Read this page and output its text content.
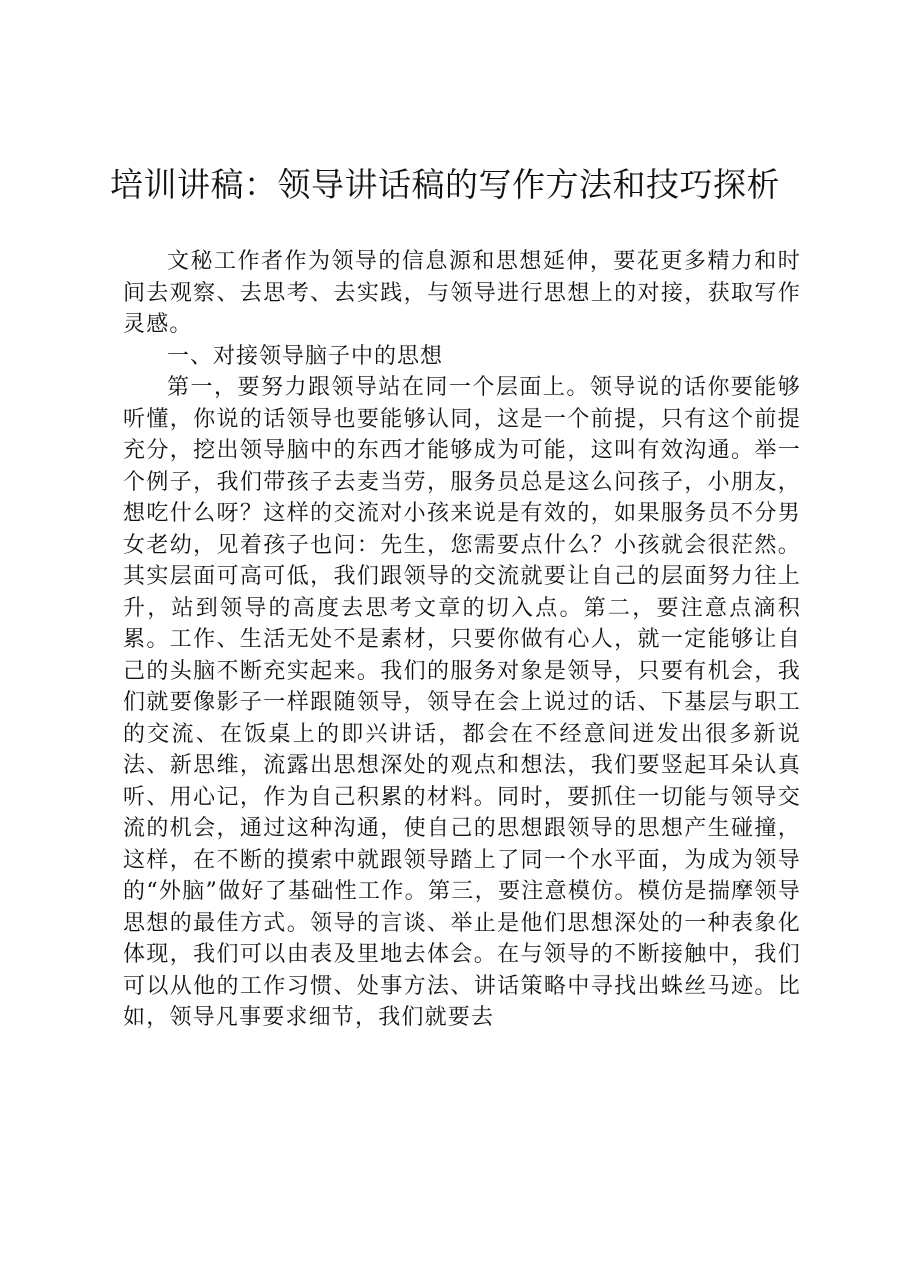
培训讲稿：领导讲话稿的写作方法和技巧探析

文秘工作者作为领导的信息源和思想延伸，要花更多精力和时间去观察、去思考、去实践，与领导进行思想上的对接，获取写作灵感。

一、对接领导脑子中的思想

第一，要努力跟领导站在同一个层面上。领导说的话你要能够听懂，你说的话领导也要能够认同，这是一个前提，只有这个前提充分，挖出领导脑中的东西才能够成为可能，这叫有效沟通。举一个例子，我们带孩子去麦当劳，服务员总是这么问孩子，小朋友，想吃什么呀？这样的交流对小孩来说是有效的，如果服务员不分男女老幼，见着孩子也问：先生，您需要点什么？小孩就会很茫然。其实层面可高可低，我们跟领导的交流就要让自己的层面努力往上升，站到领导的高度去思考文章的切入点。第二，要注意点滴积累。工作、生活无处不是素材，只要你做有心人，就一定能够让自己的头脑不断充实起来。我们的服务对象是领导，只要有机会，我们就要像影子一样跟随领导，领导在会上说过的话、下基层与职工的交流、在饭桌上的即兴讲话，都会在不经意间迸发出很多新说法、新思维，流露出思想深处的观点和想法，我们要竖起耳朵认真听、用心记，作为自己积累的材料。同时，要抓住一切能与领导交流的机会，通过这种沟通，使自己的思想跟领导的思想产生碰撞，这样，在不断的摸索中就跟领导踏上了同一个水平面，为成为领导的“外脑”做好了基础性工作。第三，要注意模仿。模仿是揣摩领导思想的最佳方式。领导的言谈、举止是他们思想深处的一种表象化体现，我们可以由表及里地去体会。在与领导的不断接触中，我们可以从他的工作习惯、处事方法、讲话策略中寻找出蛛丝马迹。比如，领导凡事要求细节，我们就要去
